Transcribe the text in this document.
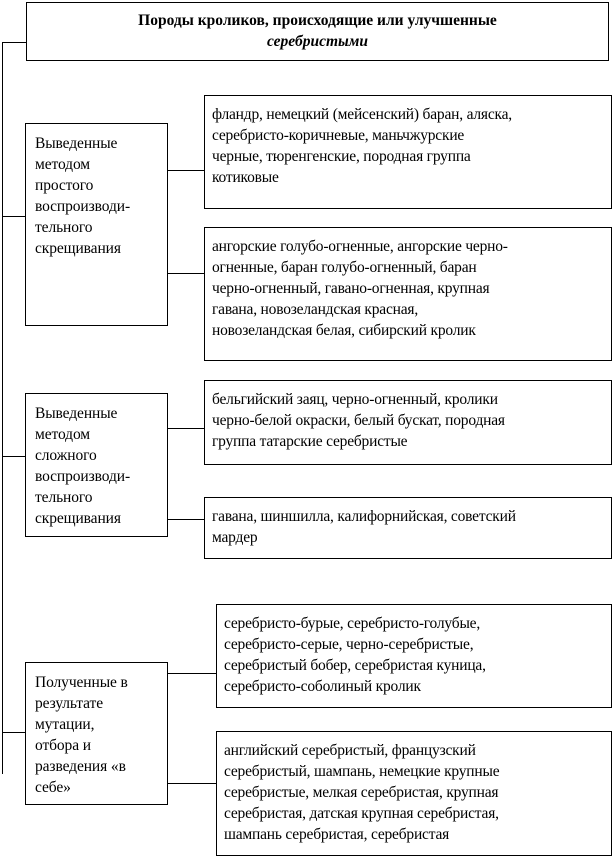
Породы кроликов, происходящие или улучшенные
серебристыми
Выведенные
методом
простого
воспроизводи-
тельного
скрещивания
фландр, немецкий (мейсенский) баран, аляска,
серебристо-коричневые, маньчжурские
черные, тюренгенские, породная группа
котиковые
ангорские голубо-огненные, ангорские черно-
огненные, баран голубо-огненный, баран
черно-огненный, гавано-огненная, крупная
гавана, новозеландская красная,
новозеландская белая, сибирский кролик
Выведенные
методом
сложного
воспроизводи-
тельного
скрещивания
бельгийский заяц, черно-огненный, кролики
черно-белой окраски, белый бускат, породная
группа татарские серебристые
гавана, шиншилла, калифорнийская, советский
мардер
Полученные в
результате
мутации,
отбора и
разведения «в
себе»
серебристо-бурые, серебристо-голубые,
серебристо-серые, черно-серебристые,
серебристый бобер, серебристая куница,
серебристо-соболиный кролик
английский серебристый, французский
серебристый, шампань, немецкие крупные
серебристые, мелкая серебристая, крупная
серебристая, датская крупная серебристая,
шампань серебристая, серебристая
